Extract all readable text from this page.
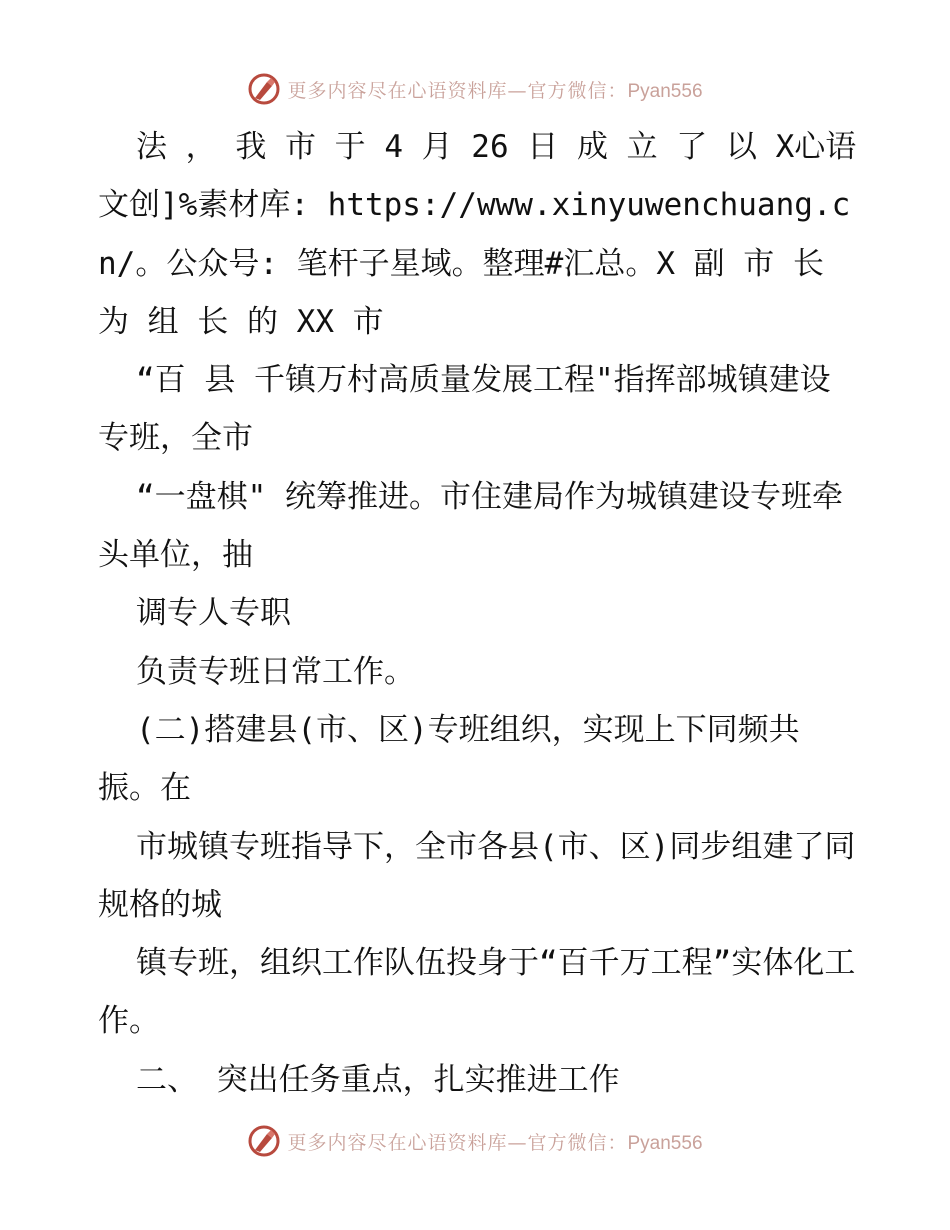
更多内容尽在心语资料库—官方微信：Pyan556

法 ， 我 市 于 4 月 26 日 成 立 了 以 X心语文创]%素材库: https://www.xinyuwenchuang.cn/。公众号: 笔杆子星域。整理#汇总。X 副 市 长 为 组 长 的 XX 市

“百 县 千镇万村高质量发展工程"指挥部城镇建设专班，全市

“一盘棋" 统筹推进。市住建局作为城镇建设专班牵头单位，抽

调专人专职

负责专班日常工作。

(二)搭建县(市、区)专班组织，实现上下同频共振。在

市城镇专班指导下，全市各县(市、区)同步组建了同规格的城

镇专班，组织工作队伍投身于“百千万工程”实体化工作。

二、 突出任务重点，扎实推进工作

更多内容尽在心语资料库—官方微信：Pyan556
